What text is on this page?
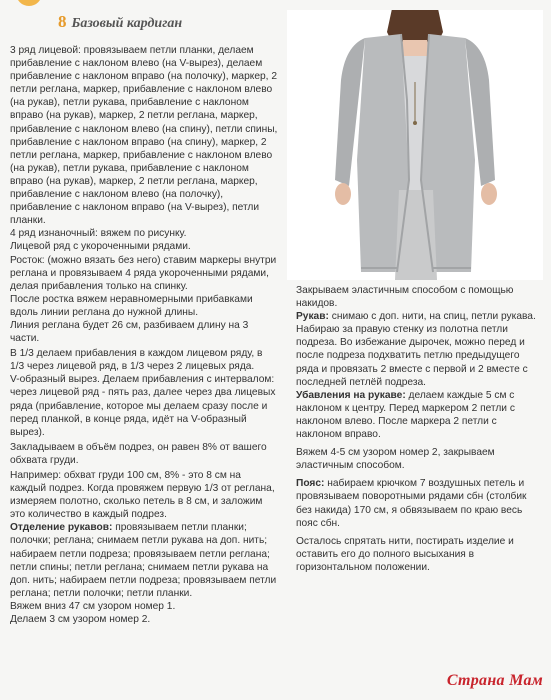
8 Базовый кардиган

3 ряд лицевой: провязываем петли планки, делаем прибавление с наклоном влево (на V-вырез), делаем прибавление с наклоном вправо (на полочку), маркер, 2 петли реглана, маркер, прибавление с наклоном влево (на рукав), петли рукава, прибавление с наклоном вправо (на рукав), маркер, 2 петли реглана, маркер, прибавление с наклоном влево (на спину), петли спины, прибавление с наклоном вправо (на спину), маркер, 2 петли реглана, маркер, прибавление с наклоном влево (на рукав), петли рукава, прибавление с наклоном вправо (на рукав), маркер, 2 петли реглана, маркер, прибавление с наклоном влево (на полочку), прибавление с наклоном вправо (на V-вырез), петли планки.

4 ряд изнаночный: вяжем по рисунку.

Лицевой ряд с укороченными рядами.

Росток: (можно вязать без него) ставим маркеры внутри реглана и провязываем 4 ряда укороченными рядами, делая прибавления только на спинку.

После ростка вяжем неравномерными прибавками вдоль линии реглана до нужной длины.

Линия реглана будет 26 см, разбиваем длину на 3 части.

В 1/3 делаем прибавления в каждом лицевом ряду, в 1/3 через лицевой ряд, в 1/3 через 2 лицевых ряда.

V-образный вырез. Делаем прибавления с интервалом: через лицевой ряд - пять раз, далее через два лицевых ряда (прибавление, которое мы делаем сразу после и перед планкой, в конце ряда, идёт на V-образный вырез).

Закладываем в объём подрез, он равен 8% от вашего обхвата груди.

Например: обхват груди 100 см, 8% - это 8 см на каждый подрез. Когда провяжем первую 1/3 от реглана, измеряем полотно, сколько петель в 8 см, и заложим это количество в каждый подрез.

Отделение рукавов: провязываем петли планки; полочки; реглана; снимаем петли рукава на доп. нить; набираем петли подреза; провязываем петли реглана; петли спины; петли реглана; снимаем петли рукава на доп. нить; набираем петли подреза; провязываем петли реглана; петли полочки; петли планки.

Вяжем вниз 47 см узором номер 1.

Делаем 3 см узором номер 2.

Закрываем эластичным способом с помощью накидов.

Рукав: снимаю с доп. нити, на спиц, петли рукава. Набираю за правую стенку из полотна петли подреза. Во избежание дырочек, можно перед и после подреза подхватить петлю предыдущего ряда и провязать 2 вместе с первой и 2 вместе с последней петлёй подреза.

Убавления на рукаве: делаем каждые 5 см с наклоном к центру. Перед маркером 2 петли с наклоном влево. После маркера 2 петли с наклоном вправо.

Вяжем 4-5 см узором номер 2, закрываем эластичным способом.

Пояс: набираем крючком 7 воздушных петель и провязываем поворотными рядами сбн (столбик без накида) 170 см, я обвязываем по краю весь пояс сбн.

Осталось спрятать нити, постирать изделие и оставить его до полного высыхания в горизонтальном положении.

Страна Мам
